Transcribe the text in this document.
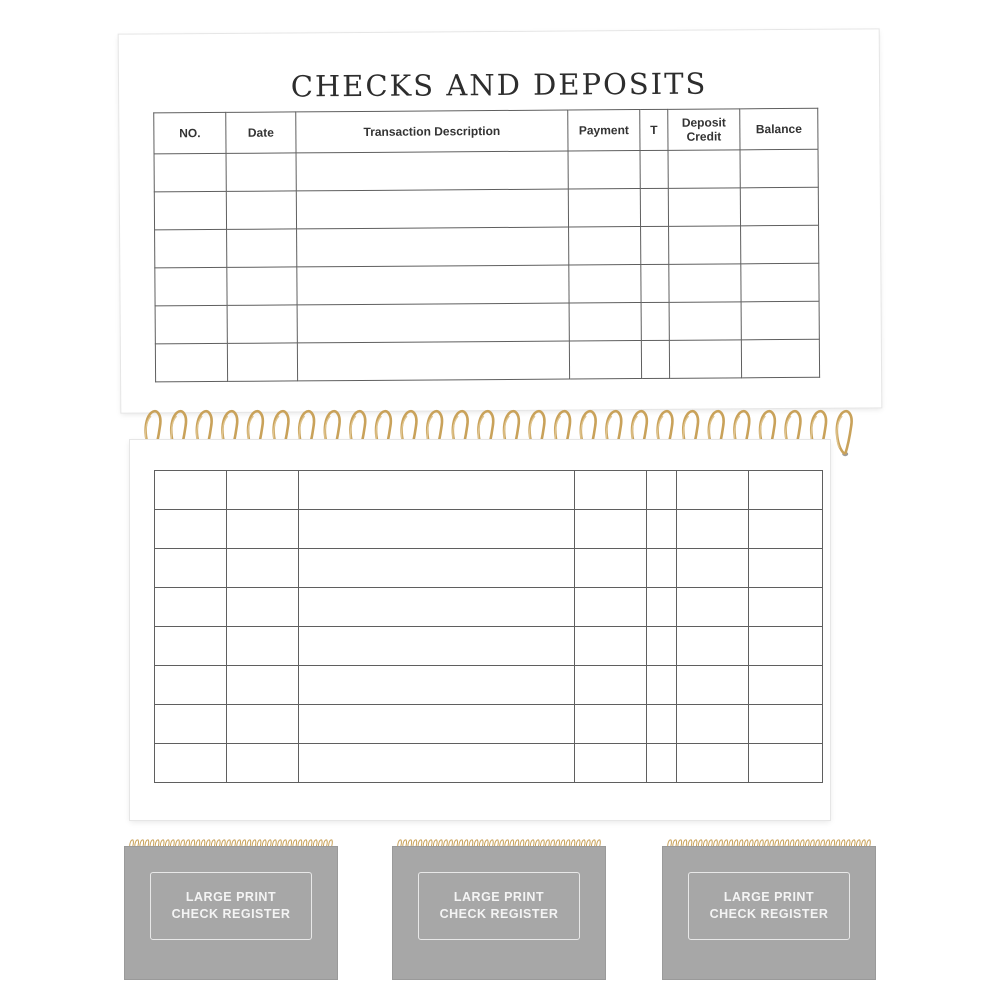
CHECKS AND DEPOSITS
NO.	Date	Transaction Description	Payment	T	Deposit Credit	Balance

LARGE PRINT
CHECK REGISTER
LARGE PRINT
CHECK REGISTER
LARGE PRINT
CHECK REGISTER
